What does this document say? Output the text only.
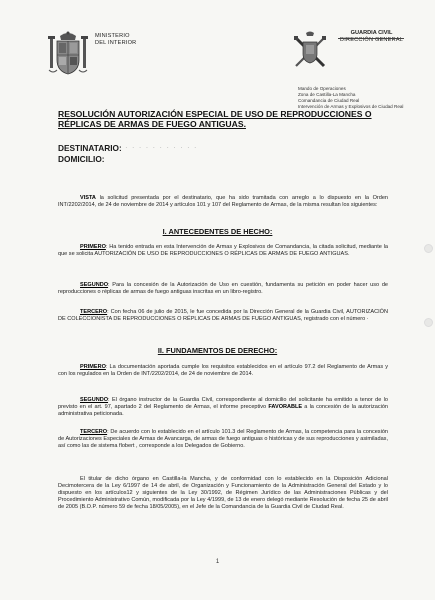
MINISTERIO
DEL INTERIOR
GUARDIA CIVIL
DIRECCIÓN GENERAL
Mando de Operaciones
Zona de Castilla-La Mancha
Comandancia de Ciudad Real
Intervención de Armas y Explosivos de Ciudad Real
RESOLUCIÓN AUTORIZACIÓN ESPECIAL DE USO DE REPRODUCCIONES O RÉPLICAS DE ARMAS DE FUEGO ANTIGUAS.
DESTINATARIO:
DOMICILIO:
· · · · · · · · · · ·
VISTA la solicitud presentada por el destinatario, que ha sido tramitada con arreglo a lo dispuesto en la Orden INT/2202/2014, de 24 de noviembre de 2014 y artículos 101 y 107 del Reglamento de Armas, de la misma resultan los siguientes:
I. ANTECEDENTES DE HECHO:
PRIMERO: Ha tenido entrada en esta Intervención de Armas y Explosivos de Comandancia, la citada solicitud, mediante la que se solicita AUTORIZACIÓN DE USO DE REPRODUCCIONES O RÉPLICAS DE ARMAS DE FUEGO ANTIGUAS.
SEGUNDO: Para la concesión de la Autorización de Uso en cuestión, fundamenta su petición en poder hacer uso de reproducciones o réplicas de armas de fuego antiguas inscritas en un libro-registro.
TERCERO: Con fecha 06 de julio de 2015, le fue concedida por la Dirección General de la Guardia Civil, AUTORIZACIÓN DE COLECCIONISTA DE REPRODUCCIONES O RÉPLICAS DE ARMAS DE FUEGO ANTIGUAS, registrado con el número ·
II. FUNDAMENTOS DE DERECHO:
PRIMERO: La documentación aportada cumple los requisitos establecidos en el artículo 97.2 del Reglamento de Armas y con los regulados en la Orden de INT/2202/2014, de 24 de noviembre de 2014.
SEGUNDO: El órgano instructor de la Guardia Civil, correspondiente al domicilio del solicitante ha emitido a tenor de lo previsto en el art. 97, apartado 2 del Reglamento de Armas, el informe preceptivo FAVORABLE a la concesión de la autorización administrativa peticionada.
TERCERO: De acuerdo con lo establecido en el artículo 101.3 del Reglamento de Armas, la competencia para la concesión de Autorizaciones Especiales de Armas de Avancarga, de armas de fuego antiguas o históricas y de sus reproducciones y asimiladas, así como las de sistema flobert , corresponde a los Delegados de Gobierno.
El titular de dicho órgano en Castilla-la Mancha, y de conformidad con lo establecido en la Disposición Adicional Decimotercera de la Ley 6/1997 de 14 de abril, de Organización y Funcionamiento de la Administración General del Estado y lo dispuesto en los artículos12 y siguientes de la Ley 30/1992, de Régimen Jurídico de las Administraciones Públicas y del Procedimiento Administrativo Común, modificada por la Ley 4/1999, de 13 de enero delegó mediante Resolución de fecha 25 de abril de 2005 (B.O.P. número 59 de fecha 18/05/2005), en el Jefe de la Comandancia de la Guardia Civil de Ciudad Real.
1
